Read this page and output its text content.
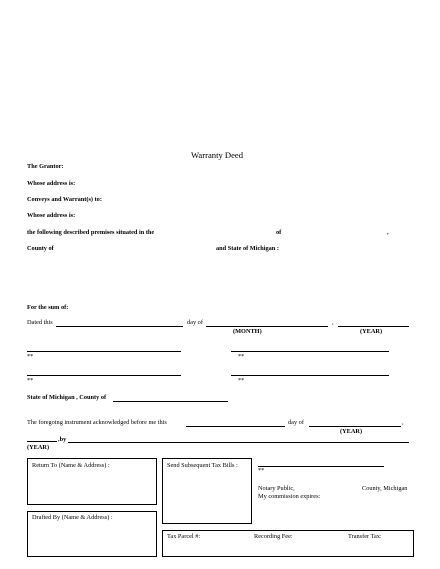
Warranty Deed
The Grantor:
Whose address is:
Conveys and Warrant(s) to:
Whose address is:
the following described premises situated in the	of	,
County of	and State of Michigan :
For the sum of:
Dated this	day of	,
(MONTH)	(YEAR)
**	**
**	**
State of Michigan , County of
The foregoing instrument acknowledged before me this	day of	,
(YEAR)
,by
(YEAR)
Return To (Name & Address) :	Send Subsequent Tax Bills :
**
Notary Public,	County, Michigan
My commission expires:
Drafted By (Name & Address) :
Tax Parcel #:	Recording Fee:	Transfer Tax:
